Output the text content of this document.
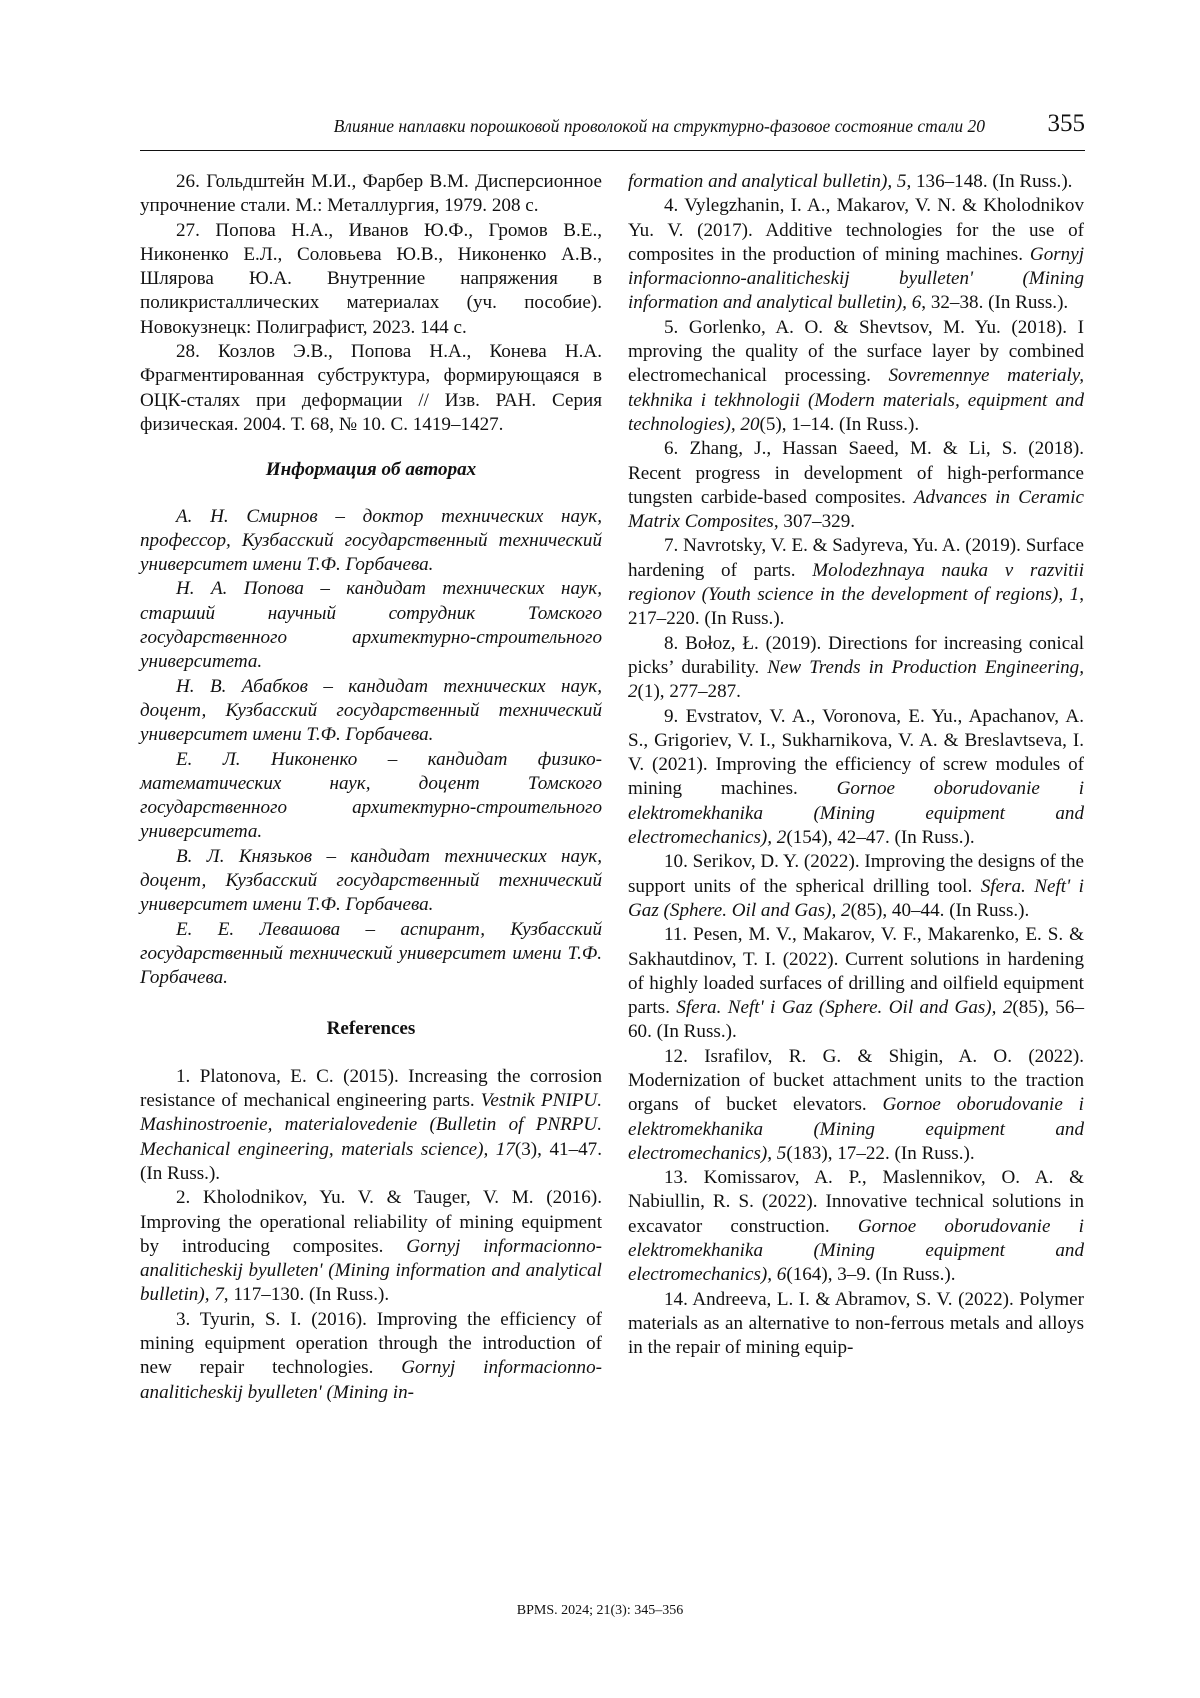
Влияние наплавки порошковой проволокой на структурно-фазовое состояние стали 20	355

26. Гольдштейн М.И., Фарбер В.М. Дисперсионное упрочнение стали. М.: Металлургия, 1979. 208 с.

27. Попова Н.А., Иванов Ю.Ф., Громов В.Е., Никоненко Е.Л., Соловьева Ю.В., Никоненко А.В., Шлярова Ю.А. Внутренние напряжения в поликристаллических материалах (уч. пособие). Новокузнецк: Полиграфист, 2023. 144 с.

28. Козлов Э.В., Попова Н.А., Конева Н.А. Фрагментированная субструктура, формирующаяся в ОЦК-сталях при деформации // Изв. РАН. Серия физическая. 2004. Т. 68, № 10. С. 1419–1427.

Информация об авторах

А. Н. Смирнов – доктор технических наук, профессор, Кузбасский государственный технический университет имени Т.Ф. Горбачева.

Н. А. Попова – кандидат технических наук, старший научный сотрудник Томского государственного архитектурно-строительного университета.

Н. В. Абабков – кандидат технических наук, доцент, Кузбасский государственный технический университет имени Т.Ф. Горбачева.

Е. Л. Никоненко – кандидат физико-математических наук, доцент Томского государственного архитектурно-строительного университета.

В. Л. Князьков – кандидат технических наук, доцент, Кузбасский государственный технический университет имени Т.Ф. Горбачева.

Е. Е. Левашова – аспирант, Кузбасский государственный технический университет имени Т.Ф. Горбачева.

References

1. Platonova, E. C. (2015). Increasing the corrosion resistance of mechanical engineering parts. Vestnik PNIPU. Mashinostroenie, materialovedenie (Bulletin of PNRPU. Mechanical engineering, materials science), 17(3), 41–47. (In Russ.).

2. Kholodnikov, Yu. V. & Tauger, V. M. (2016). Improving the operational reliability of mining equipment by introducing composites. Gornyj informacionno-analiticheskij byulleten' (Mining information and analytical bulletin), 7, 117–130. (In Russ.).

3. Tyurin, S. I. (2016). Improving the efficiency of mining equipment operation through the introduction of new repair technologies. Gornyj informacionno-analiticheskij byulleten' (Mining in-

formation and analytical bulletin), 5, 136–148. (In Russ.).

4. Vylegzhanin, I. A., Makarov, V. N. & Kholodnikov Yu. V. (2017). Additive technologies for the use of composites in the production of mining machines. Gornyj informacionno-analiticheskij byulleten' (Mining information and analytical bulletin), 6, 32–38. (In Russ.).

5. Gorlenko, A. O. & Shevtsov, M. Yu. (2018). I mproving the quality of the surface layer by combined electromechanical processing. Sovremennye materialy, tekhnika i tekhnologii (Modern materials, equipment and technologies), 20(5), 1–14. (In Russ.).

6. Zhang, J., Hassan Saeed, M. & Li, S. (2018). Recent progress in development of high-performance tungsten carbide-based composites. Advances in Ceramic Matrix Composites, 307–329.

7. Navrotsky, V. E. & Sadyreva, Yu. A. (2019). Surface hardening of parts. Molodezhnaya nauka v razvitii regionov (Youth science in the development of regions), 1, 217–220. (In Russ.).

8. Bołoz, Ł. (2019). Directions for increasing conical picks’ durability. New Trends in Production Engineering, 2(1), 277–287.

9. Evstratov, V. A., Voronova, E. Yu., Apachanov, A. S., Grigoriev, V. I., Sukharnikova, V. A. & Breslavtseva, I. V. (2021). Improving the efficiency of screw modules of mining machines. Gornoe oborudovanie i elektromekhanika (Mining equipment and electromechanics), 2(154), 42–47. (In Russ.).

10. Serikov, D. Y. (2022). Improving the designs of the support units of the spherical drilling tool. Sfera. Neft' i Gaz (Sphere. Oil and Gas), 2(85), 40–44. (In Russ.).

11. Pesen, M. V., Makarov, V. F., Makarenko, E. S. & Sakhautdinov, T. I. (2022). Current solutions in hardening of highly loaded surfaces of drilling and oilfield equipment parts. Sfera. Neft' i Gaz (Sphere. Oil and Gas), 2(85), 56–60. (In Russ.).

12. Israfilov, R. G. & Shigin, A. O. (2022). Modernization of bucket attachment units to the traction organs of bucket elevators. Gornoe oborudovanie i elektromekhanika (Mining equipment and electromechanics), 5(183), 17–22. (In Russ.).

13. Komissarov, A. P., Maslennikov, O. A. & Nabiullin, R. S. (2022). Innovative technical solutions in excavator construction. Gornoe oborudovanie i elektromekhanika (Mining equipment and electromechanics), 6(164), 3–9. (In Russ.).

14. Andreeva, L. I. & Abramov, S. V. (2022). Polymer materials as an alternative to non-ferrous metals and alloys in the repair of mining equip-

BPMS. 2024; 21(3): 345–356
